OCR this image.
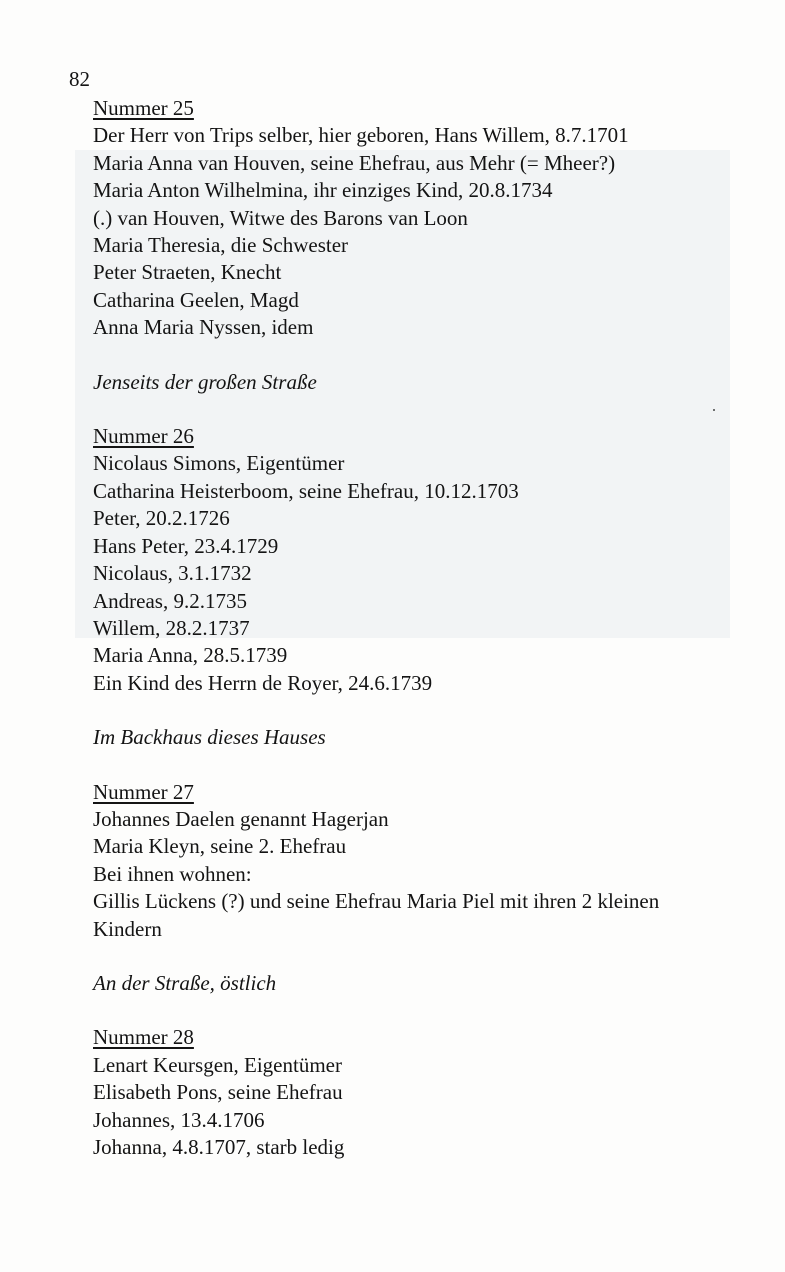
82
Nummer 25
Der Herr von Trips selber, hier geboren, Hans Willem, 8.7.1701
Maria Anna van Houven, seine Ehefrau, aus Mehr (= Mheer?)
Maria Anton Wilhelmina, ihr einziges Kind, 20.8.1734
(.) van Houven, Witwe des Barons van Loon
Maria Theresia, die Schwester
Peter Straeten, Knecht
Catharina Geelen, Magd
Anna Maria Nyssen, idem
Jenseits der großen Straße
Nummer 26
Nicolaus Simons, Eigentümer
Catharina Heisterboom, seine Ehefrau, 10.12.1703
Peter, 20.2.1726
Hans Peter, 23.4.1729
Nicolaus, 3.1.1732
Andreas, 9.2.1735
Willem, 28.2.1737
Maria Anna, 28.5.1739
Ein Kind des Herrn de Royer, 24.6.1739
Im Backhaus dieses Hauses
Nummer 27
Johannes Daelen genannt Hagerjan
Maria Kleyn, seine 2. Ehefrau
Bei ihnen wohnen:
Gillis Lückens (?) und seine Ehefrau Maria Piel mit ihren 2 kleinen Kindern
An der Straße, östlich
Nummer 28
Lenart Keursgen, Eigentümer
Elisabeth Pons, seine Ehefrau
Johannes, 13.4.1706
Johanna, 4.8.1707, starb ledig
